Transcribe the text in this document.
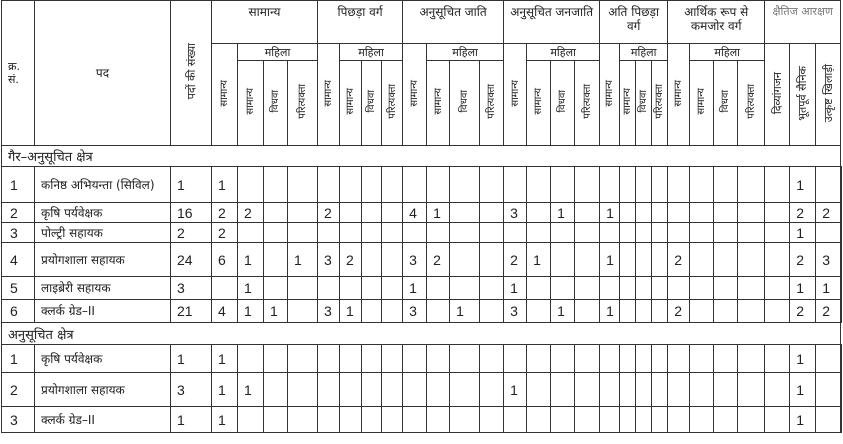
क्र. सं.	पद	पदों की संख्या	सामान्य				पिछड़ा वर्ग				अनुसूचित जाति				अनुसूचित जनजाति				अति पिछड़ा वर्ग				आर्थिक रूप से कमजोर वर्ग				क्षैतिज आरक्षण			
			सामान्य	महिला			सामान्य	महिला			सामान्य	महिला			सामान्य	महिला			सामान्य	महिला			सामान्य	महिला			दिव्यांगजन	भूतपूर्व सैनिक	उत्कृष्ट खिलाड़ी	
				सामान्य	विधवा	परित्यक्ता		सामान्य	विधवा	परित्यक्ता		सामान्य	विधवा	परित्यक्ता		सामान्य	विधवा	परित्यक्ता		सामान्य	विधवा	परित्यक्ता		सामान्य	विधवा	परित्यक्ता				
गैर–अनुसूचित क्षेत्र																														
1	कनिष्ठ अभियन्ता (सिविल)	1	1																									1		
2	कृषि पर्यवेक्षक	16	2	2			2				4	1			3		1		1									2	2	
3	पोल्ट्री सहायक	2	2																									1		
4	प्रयोगशाला सहायक	24	6	1		1	3	2			3	2			2	1			1				2					2	3	
5	लाइब्रेरी सहायक	3		1							1				1													1	1	
6	क्लर्क ग्रेड–II	21	4	1	1		3	1			3		1		3		1		1				2					2	2	
अनुसूचित क्षेत्र																														
1	कृषि पर्यवेक्षक	1	1																									1		
2	प्रयोगशाला सहायक	3	1	1											1													1		
3	क्लर्क ग्रेड–II	1	1																									1		
